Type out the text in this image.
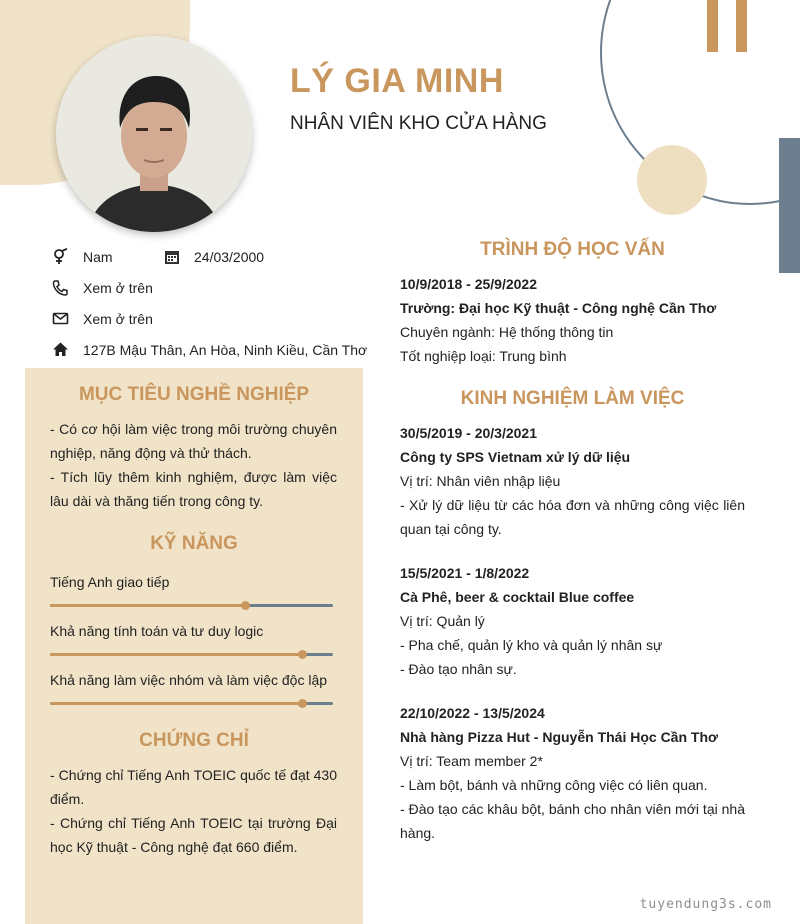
LÝ GIA MINH
NHÂN VIÊN KHO CỬA HÀNG
Nam	24/03/2000
Xem ở trên
Xem ở trên
127B Mậu Thân, An Hòa, Ninh Kiều, Cần Thơ
MỤC TIÊU NGHỀ NGHIỆP

- Có cơ hội làm việc trong môi trường chuyên nghiệp, năng động và thử thách.

- Tích lũy thêm kinh nghiệm, được làm việc lâu dài và thăng tiến trong công ty.

KỸ NĂNG
Tiếng Anh giao tiếp
Khả năng tính toán và tư duy logic
Khả năng làm việc nhóm và làm việc độc lập
CHỨNG CHỈ

- Chứng chỉ Tiếng Anh TOEIC quốc tế đạt 430 điểm.

- Chứng chỉ Tiếng Anh TOEIC tại trường Đại học Kỹ thuật - Công nghệ đạt 660 điểm.

TRÌNH ĐỘ HỌC VẤN

10/9/2018 - 25/9/2022

Trường: Đại học Kỹ thuật - Công nghệ Cần Thơ

Chuyên ngành: Hệ thống thông tin

Tốt nghiệp loại: Trung bình

KINH NGHIỆM LÀM VIỆC

30/5/2019 - 20/3/2021

Công ty SPS Vietnam xử lý dữ liệu

Vị trí: Nhân viên nhập liệu

- Xử lý dữ liệu từ các hóa đơn và những công việc liên quan tại công ty.

15/5/2021 - 1/8/2022

Cà Phê, beer & cocktail Blue coffee

Vị trí: Quản lý

- Pha chế, quản lý kho và quản lý nhân sự

- Đào tạo nhân sự.

22/10/2022 - 13/5/2024

Nhà hàng Pizza Hut - Nguyễn Thái Học Cần Thơ

Vị trí: Team member 2*

- Làm bột, bánh và những công việc có liên quan.

- Đào tạo các khâu bột, bánh cho nhân viên mới tại nhà hàng.

tuyendung3s.com
